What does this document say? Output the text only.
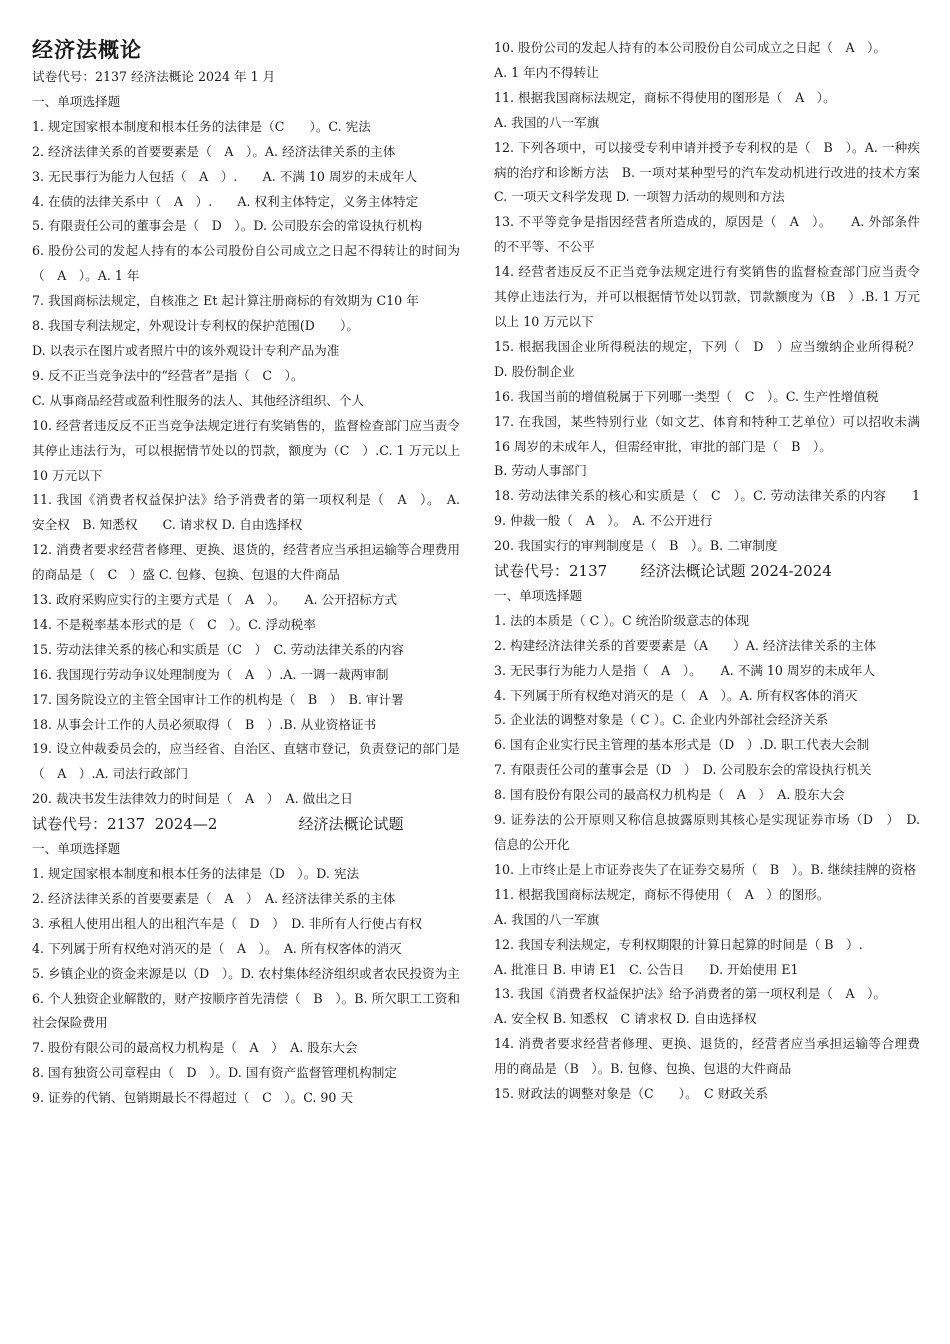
经济法概论
试卷代号：2137 经济法概论 2024 年 1 月
一、单项选择题
1. 规定国家根本制度和根本任务的法律是（C　　）。C. 宪法
2. 经济法律关系的首要要素是（　A　）。A. 经济法律关系的主体
3. 无民事行为能力人包括（　A　）.　　A. 不满 10 周岁的未成年人
4. 在债的法律关系中（　A　）.　　A. 权利主体特定，义务主体特定
5. 有限责任公司的董事会是（　D　）。D. 公司股东会的常设执行机构
6. 股份公司的发起人持有的本公司股份自公司成立之日起不得转让的时间为（　A　）。A. 1 年
7. 我国商标法规定，自核准之 Et 起计算注册商标的有效期为 C10 年
8. 我国专利法规定，外观设计专利权的保护范围(D　　）。
D. 以表示在图片或者照片中的该外观设计专利产品为准
9. 反不正当竞争法中的“经营者”是指（　C　）。
C. 从事商品经营或盈利性服务的法人、其他经济组织、个人
10. 经营者违反反不正当竞争法规定进行有奖销售的，监督检查部门应当责令其停止违法行为，可以根据情节处以的罚款，额度为（C　）.C. 1 万元以上 10 万元以下
11. 我国《消费者权益保护法》给予消费者的第一项权利是（　A　）。　A. 安全权　B. 知悉权　　C. 请求权 D. 自由选择权
12. 消费者要求经营者修理、更换、退货的，经营者应当承担运输等合理费用的商品是（　C　）盛 C. 包修、包换、包退的大件商品
13. 政府采购应实行的主要方式是（　A　）。　　A. 公开招标方式
14. 不是税率基本形式的是（　C　）。C. 浮动税率
15. 劳动法律关系的核心和实质是（C　）　C. 劳动法律关系的内容
16. 我国现行劳动争议处理制度为（　A　）.A. 一调一裁两审制
17. 国务院设立的主管全国审计工作的机构是（　B　）　B. 审计署
18. 从事会计工作的人员必须取得（　B　）.B. 从业资格证书
19. 设立仲裁委员会的，应当经省、自治区、直辖市登记，负责登记的部门是（　A　）.A. 司法行政部门
20. 裁决书发生法律效力的时间是（　A　）　A. 做出之日
试卷代号：2137  2024—2                 经济法概论试题
一、单项选择题
1. 规定国家根本制度和根本任务的法律是（D　）。D. 宪法
2. 经济法律关系的首要要素是（　A　）　A. 经济法律关系的主体
3. 承租人使用出租人的出租汽车是（　D　）　D. 非所有人行使占有权
4. 下列属于所有权绝对消灭的是（　A　）。　A. 所有权客体的消灭
5. 乡镇企业的资金来源是以（D　）。D. 农村集体经济组织或者农民投资为主
6. 个人独资企业解散的，财产按顺序首先清偿（　B　）。B. 所欠职工工资和社会保险费用
7. 股份有限公司的最高权力机构是（　A　）　A. 股东大会
8. 国有独资公司章程由（　D　）。D. 国有资产监督管理机构制定
9. 证券的代销、包销期最长不得超过（　C　）。C. 90 天
10. 股份公司的发起人持有的本公司股份自公司成立之日起（　A　）。
A. 1 年内不得转让
11. 根据我国商标法规定，商标不得使用的图形是（　A　）。
A. 我国的八一军旗
12. 下列各项中，可以接受专利申请并授予专利权的是（　B　）。A. 一种疾病的治疗和诊断方法　B. 一项对某种型号的汽车发动机进行改进的技术方案 C. 一项天文科学发现 D. 一项智力活动的规则和方法
13. 不平等竞争是指因经营者所造成的，原因是（　A　）。　　A. 外部条件的不平等、不公平
14. 经营者违反反不正当竞争法规定进行有奖销售的监督检查部门应当责令其停止违法行为，并可以根据情节处以罚款，罚款额度为（B　）.B. 1 万元以上 10 万元以下
15. 根据我国企业所得税法的规定，下列（　D　）应当缴纳企业所得税？ D. 股份制企业
16. 我国当前的增值税属于下列哪一类型（　C　）。C. 生产性增值税
17. 在我国，某些特别行业（如文艺、体育和特种工艺单位）可以招收未满 16 周岁的未成年人，但需经审批，审批的部门是（　B　）。
B. 劳动人事部门
18. 劳动法律关系的核心和实质是（　C　）。C. 劳动法律关系的内容　　19. 仲裁一般（　A　）。　A. 不公开进行
20. 我国实行的审判制度是（　B　）。B. 二审制度
试卷代号：2137       经济法概论试题 2024-2024
一、单项选择题
1. 法的本质是（ C ）。C 统治阶级意志的体现
2. 构建经济法律关系的首要要素是（A　　）A. 经济法律关系的主体
3. 无民事行为能力人是指（　A　）。　　A. 不满 10 周岁的未成年人
4. 下列属于所有权绝对消灭的是（　A　）。A. 所有权客体的消灭
5. 企业法的调整对象是（ C ）。C. 企业内外部社会经济关系
6. 国有企业实行民主管理的基本形式是（D　）.D. 职工代表大会制
7. 有限责任公司的董事会是（D　）　D. 公司股东会的常设执行机关
8. 国有股份有限公司的最高权力机构是（　A　）　A. 股东大会
9. 证券法的公开原则又称信息披露原则其核心是实现证券市场（D　）　D. 信息的公开化
10. 上市终止是上市证券丧失了在证券交易所（　B　）。B. 继续挂牌的资格
11. 根据我国商标法规定，商标不得使用（　A　）的图形。
A. 我国的八一军旗
12. 我国专利法规定，专利权期限的计算日起算的时间是（ B　）.
A. 批准日 B. 申请 E1　C. 公告日　　D. 开始使用 E1
13. 我国《消费者权益保护法》给予消费者的第一项权利是（　A　）。
A. 安全权 B. 知悉权　C 请求权 D. 自由选择权
14. 消费者要求经营者修理、更换、退货的，经营者应当承担运输等合理费用的商品是（B　）。B. 包修、包换、包退的大件商品
15. 财政法的调整对象是（C　　）。　C 财政关系
